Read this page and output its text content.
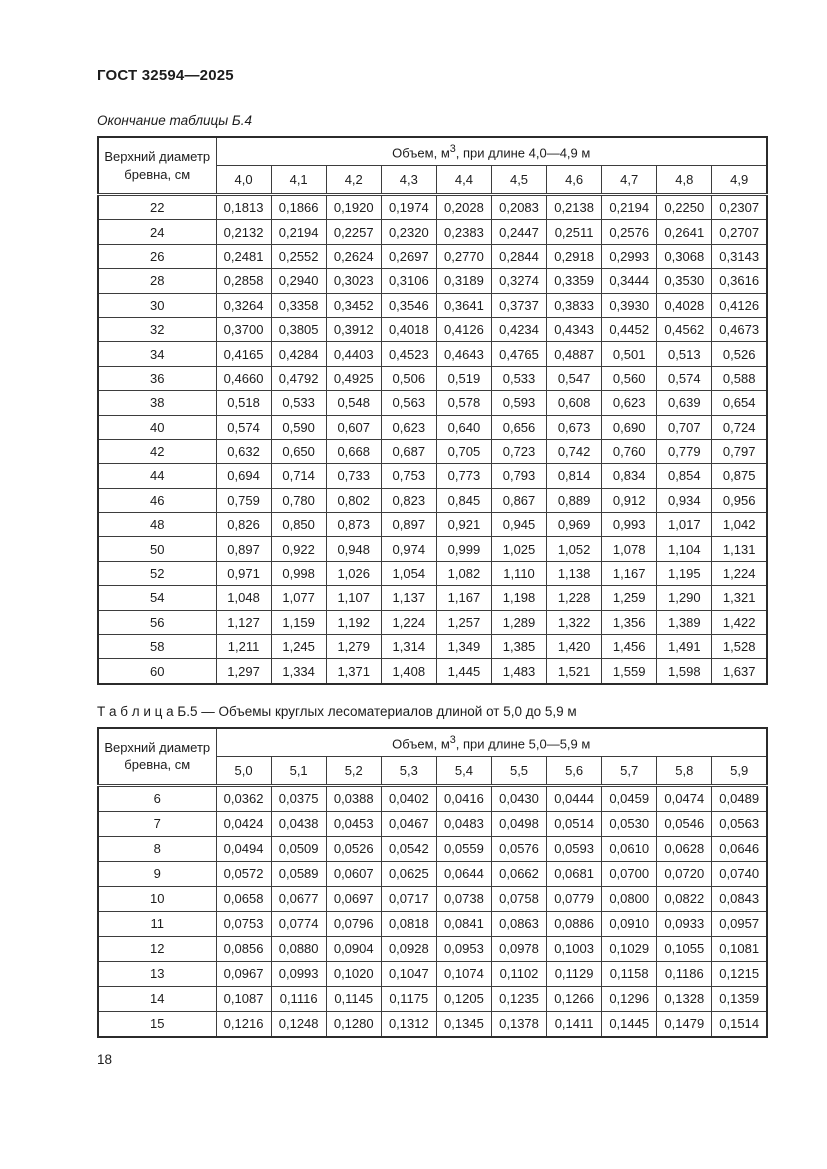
ГОСТ 32594—2025
Окончание таблицы Б.4
Верхний диаметр бревна, см	Объем, $м^3$, при длине 4,0—4,9 м									
	4,0	4,1	4,2	4,3	4,4	4,5	4,6	4,7	4,8	4,9
22	0,1813	0,1866	0,1920	0,1974	0,2028	0,2083	0,2138	0,2194	0,2250	0,2307
24	0,2132	0,2194	0,2257	0,2320	0,2383	0,2447	0,2511	0,2576	0,2641	0,2707
26	0,2481	0,2552	0,2624	0,2697	0,2770	0,2844	0,2918	0,2993	0,3068	0,3143
28	0,2858	0,2940	0,3023	0,3106	0,3189	0,3274	0,3359	0,3444	0,3530	0,3616
30	0,3264	0,3358	0,3452	0,3546	0,3641	0,3737	0,3833	0,3930	0,4028	0,4126
32	0,3700	0,3805	0,3912	0,4018	0,4126	0,4234	0,4343	0,4452	0,4562	0,4673
34	0,4165	0,4284	0,4403	0,4523	0,4643	0,4765	0,4887	0,501	0,513	0,526
36	0,4660	0,4792	0,4925	0,506	0,519	0,533	0,547	0,560	0,574	0,588
38	0,518	0,533	0,548	0,563	0,578	0,593	0,608	0,623	0,639	0,654
40	0,574	0,590	0,607	0,623	0,640	0,656	0,673	0,690	0,707	0,724
42	0,632	0,650	0,668	0,687	0,705	0,723	0,742	0,760	0,779	0,797
44	0,694	0,714	0,733	0,753	0,773	0,793	0,814	0,834	0,854	0,875
46	0,759	0,780	0,802	0,823	0,845	0,867	0,889	0,912	0,934	0,956
48	0,826	0,850	0,873	0,897	0,921	0,945	0,969	0,993	1,017	1,042
50	0,897	0,922	0,948	0,974	0,999	1,025	1,052	1,078	1,104	1,131
52	0,971	0,998	1,026	1,054	1,082	1,110	1,138	1,167	1,195	1,224
54	1,048	1,077	1,107	1,137	1,167	1,198	1,228	1,259	1,290	1,321
56	1,127	1,159	1,192	1,224	1,257	1,289	1,322	1,356	1,389	1,422
58	1,211	1,245	1,279	1,314	1,349	1,385	1,420	1,456	1,491	1,528
60	1,297	1,334	1,371	1,408	1,445	1,483	1,521	1,559	1,598	1,637
Т а б л и ц а Б.5 — Объемы круглых лесоматериалов длиной от 5,0 до 5,9 м
Верхний диаметр бревна, см	Объем, $м^3$, при длине 5,0—5,9 м									
	5,0	5,1	5,2	5,3	5,4	5,5	5,6	5,7	5,8	5,9
6	0,0362	0,0375	0,0388	0,0402	0,0416	0,0430	0,0444	0,0459	0,0474	0,0489
7	0,0424	0,0438	0,0453	0,0467	0,0483	0,0498	0,0514	0,0530	0,0546	0,0563
8	0,0494	0,0509	0,0526	0,0542	0,0559	0,0576	0,0593	0,0610	0,0628	0,0646
9	0,0572	0,0589	0,0607	0,0625	0,0644	0,0662	0,0681	0,0700	0,0720	0,0740
10	0,0658	0,0677	0,0697	0,0717	0,0738	0,0758	0,0779	0,0800	0,0822	0,0843
11	0,0753	0,0774	0,0796	0,0818	0,0841	0,0863	0,0886	0,0910	0,0933	0,0957
12	0,0856	0,0880	0,0904	0,0928	0,0953	0,0978	0,1003	0,1029	0,1055	0,1081
13	0,0967	0,0993	0,1020	0,1047	0,1074	0,1102	0,1129	0,1158	0,1186	0,1215
14	0,1087	0,1116	0,1145	0,1175	0,1205	0,1235	0,1266	0,1296	0,1328	0,1359
15	0,1216	0,1248	0,1280	0,1312	0,1345	0,1378	0,1411	0,1445	0,1479	0,1514
18
